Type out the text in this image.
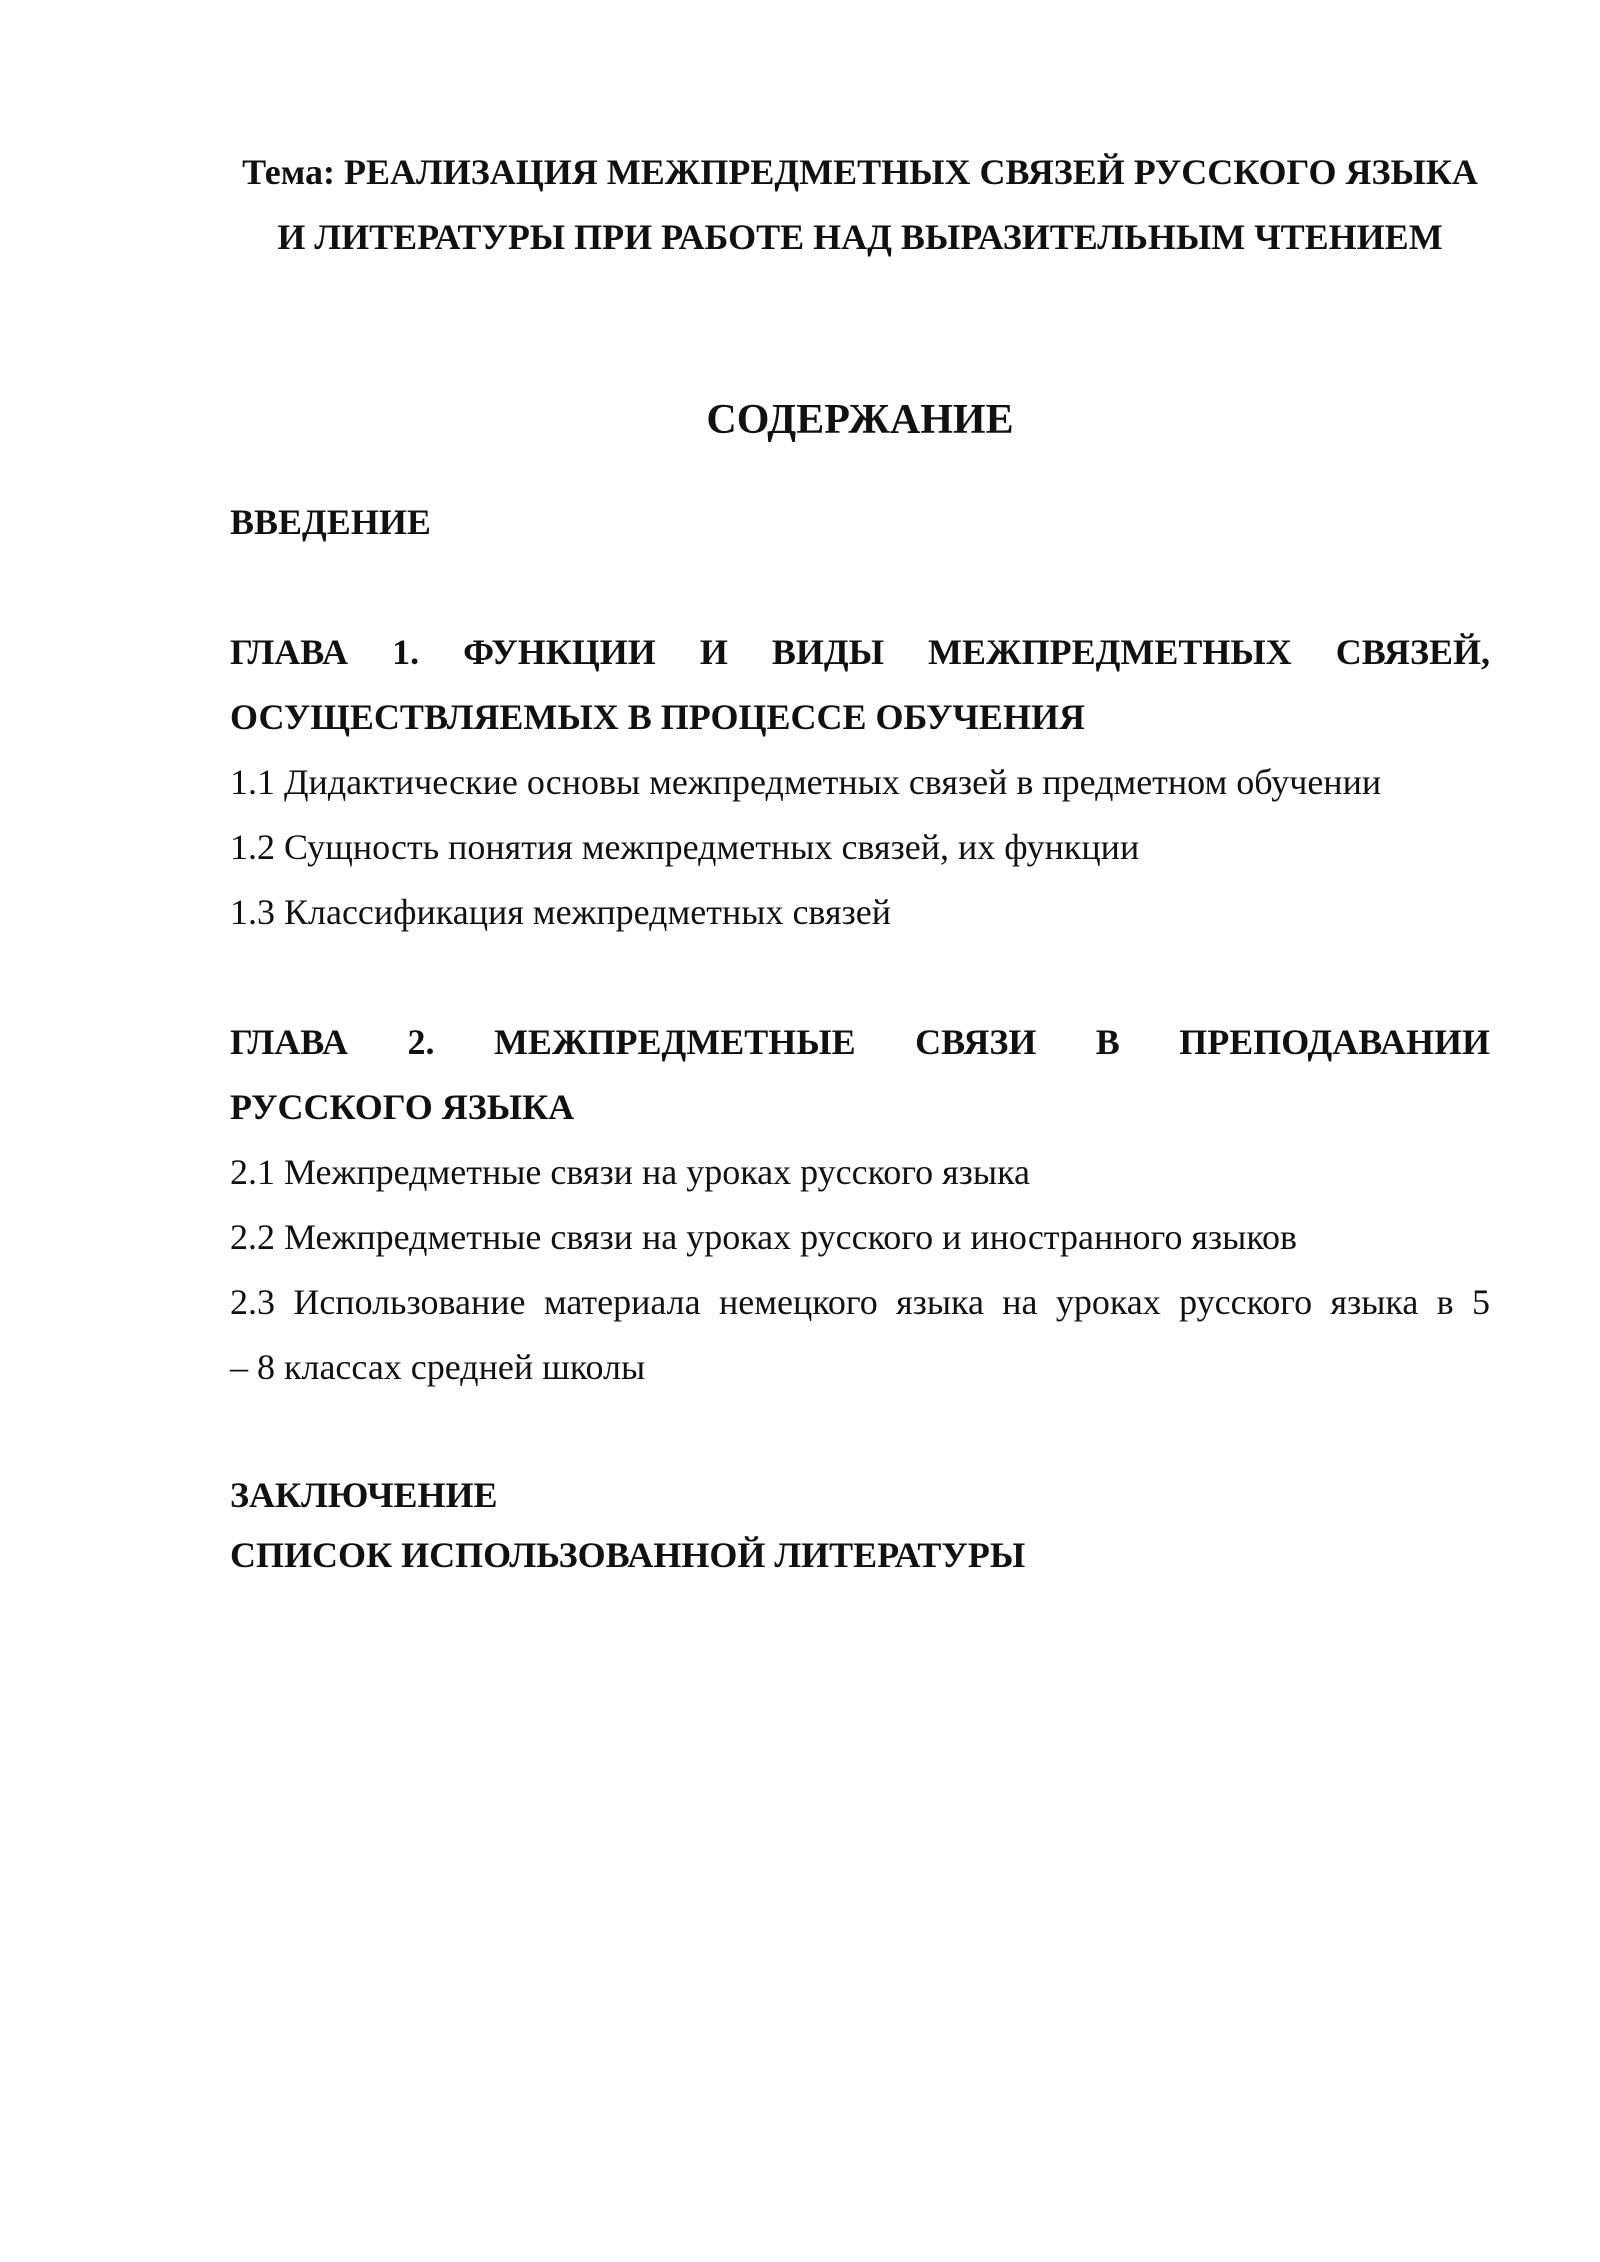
Тема: РЕАЛИЗАЦИЯ МЕЖПРЕДМЕТНЫХ СВЯЗЕЙ РУССКОГО ЯЗЫКА И ЛИТЕРАТУРЫ ПРИ РАБОТЕ НАД ВЫРАЗИТЕЛЬНЫМ ЧТЕНИЕМ
СОДЕРЖАНИЕ
ВВЕДЕНИЕ
ГЛАВА 1. ФУНКЦИИ И ВИДЫ МЕЖПРЕДМЕТНЫХ СВЯЗЕЙ,
ОСУЩЕСТВЛЯЕМЫХ В ПРОЦЕССЕ ОБУЧЕНИЯ
1.1 Дидактические основы межпредметных связей в предметном обучении
1.2 Сущность понятия межпредметных связей, их функции
1.3 Классификация межпредметных связей
ГЛАВА 2. МЕЖПРЕДМЕТНЫЕ СВЯЗИ В ПРЕПОДАВАНИИ
РУССКОГО ЯЗЫКА
2.1 Межпредметные связи на уроках русского языка
2.2 Межпредметные связи на уроках русского и иностранного языков
2.3 Использование материала немецкого языка на уроках русского языка в 5
– 8 классах средней школы
ЗАКЛЮЧЕНИЕ
СПИСОК ИСПОЛЬЗОВАННОЙ ЛИТЕРАТУРЫ
